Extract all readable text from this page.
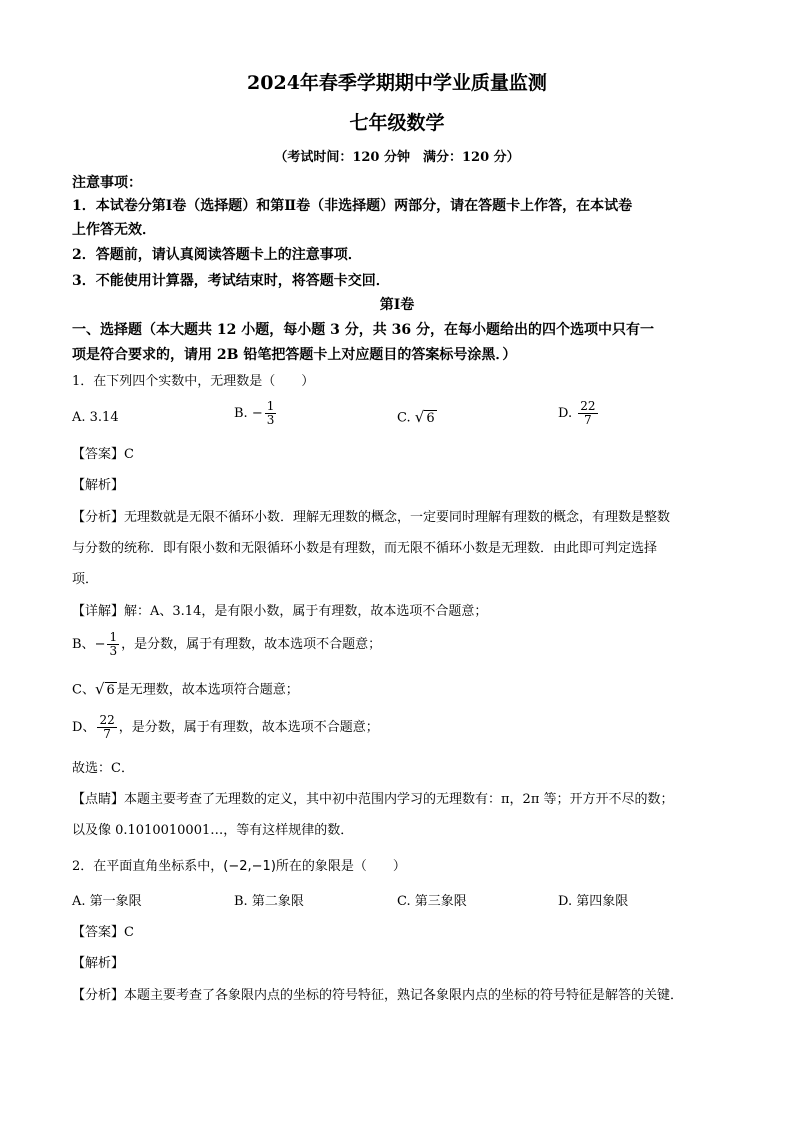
2024年春季学期期中学业质量监测
七年级数学
（考试时间：120 分钟　满分：120 分）
注意事项：
1．本试卷分第Ⅰ卷（选择题）和第Ⅱ卷（非选择题）两部分，请在答题卡上作答，在本试卷
上作答无效．
2．答题前，请认真阅读答题卡上的注意事项．
3．不能使用计算器，考试结束时，将答题卡交回．
第Ⅰ卷
一、选择题（本大题共 12 小题，每小题 3 分，共 36 分，在每小题给出的四个选项中只有一
项是符合要求的，请用 2B 铅笔把答题卡上对应题目的答案标号涂黑．）
1．在下列四个实数中，无理数是（　　）
A. 3.14	B. − $\frac{1}{3}$	C. √ 6	D. $\frac{22}{7}$
【答案】C
【解析】
【分析】无理数就是无限不循环小数．理解无理数的概念，一定要同时理解有理数的概念，有理数是整数
与分数的统称．即有限小数和无限循环小数是有理数，而无限不循环小数是无理数．由此即可判定选择
项．
【详解】解：A、3.14，是有限小数，属于有理数，故本选项不合题意；
B、− $\frac{1}{3}$ ，是分数，属于有理数，故本选项不合题意；
C、√ 6 是无理数，故本选项符合题意；
D、 $\frac{22}{7}$ ，是分数，属于有理数，故本选项不合题意；
故选：C．
【点睛】本题主要考查了无理数的定义，其中初中范围内学习的无理数有：π，2π 等；开方开不尽的数；
以及像 0.1010010001…，等有这样规律的数．
2．在平面直角坐标系中，(−2,−1)所在的象限是（　　）
A. 第一象限	B. 第二象限	C. 第三象限	D. 第四象限
【答案】C
【解析】
【分析】本题主要考查了各象限内点的坐标的符号特征，熟记各象限内点的坐标的符号特征是解答的关键．
